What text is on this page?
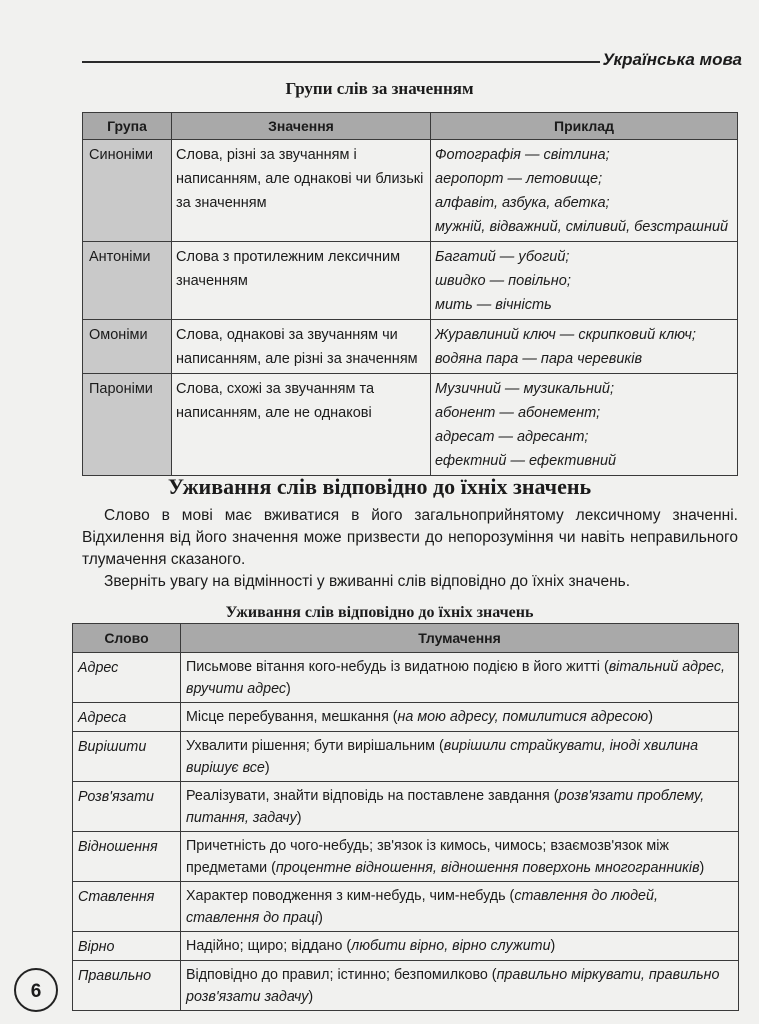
Українська мова
Групи слів за значенням
Група	Значення	Приклад
Синоніми	Слова, різні за звучанням і написанням, але однакові чи близькі за значенням	Фотографія — світлина;
аеропорт — летовище;
алфавіт, азбука, абетка;
мужній, відважний, сміливий, безстрашний

Антоніми	Слова з протилежним лексичним значенням	Багатий — убогий;
швидко — повільно;
мить — вічність

Омоніми	Слова, однакові за звучанням чи написанням, але різні за значенням	Журавлиний ключ — скрипковий ключ;
водяна пара — пара черевиків

Пароніми	Слова, схожі за звучанням та написанням, але не однакові	Музичний — музикальний;
абонент — абонемент;
адресат — адресант;
ефектний — ефективний
Уживання слів відповідно до їхніх значень

Слово в мові має вживатися в його загальноприйнятому лексичному значенні. Відхилення від його значення може призвести до непорозуміння чи навіть неправильного тлумачення сказаного.

Зверніть увагу на відмінності у вживанні слів відповідно до їхніх значень.

Уживання слів відповідно до їхніх значень
Слово	Тлумачення
Адрес	Письмове вітання кого-небудь із видатною подією в його житті (вітальний адрес, вручити адрес)
Адреса	Місце перебування, мешкання (на мою адресу, помилитися адресою)
Вирішити	Ухвалити рішення; бути вирішальним (вирішили страйкувати, іноді хвилина вирішує все)
Розв'язати	Реалізувати, знайти відповідь на поставлене завдання (розв'язати проблему, питання, задачу)
Відношення	Причетність до чого-небудь; зв'язок із кимось, чимось; взаємозв'язок між предметами (процентне відношення, відношення поверхонь многогранників)
Ставлення	Характер поводження з ким-небудь, чим-небудь (ставлення до людей, ставлення до праці)
Вірно	Надійно; щиро; віддано (любити вірно, вірно служити)
Правильно	Відповідно до правил; істинно; безпомилково (правильно міркувати, правильно розв'язати задачу)
6
